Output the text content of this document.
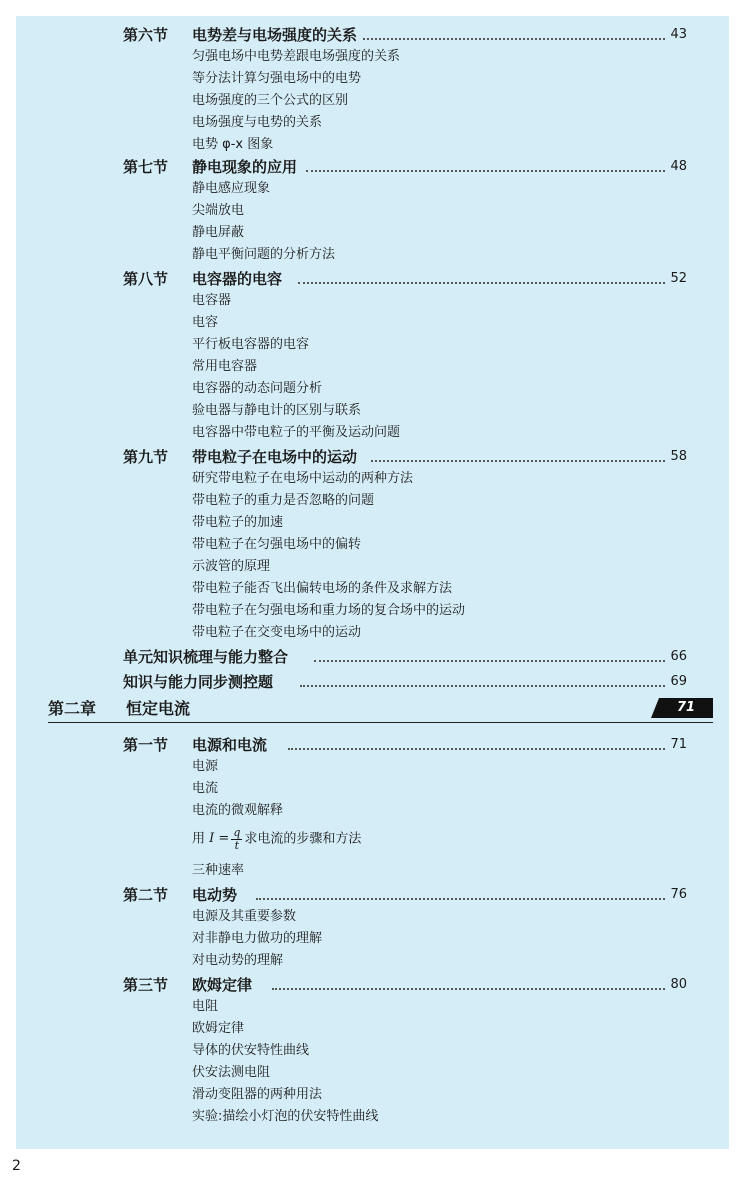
第六节 电势差与电场强度的关系	43
匀强电场中电势差跟电场强度的关系
等分法计算匀强电场中的电势
电场强度的三个公式的区别
电场强度与电势的关系
电势 φ-x 图象
第七节 静电现象的应用	48
静电感应现象
尖端放电
静电屏蔽
静电平衡问题的分析方法
第八节 电容器的电容	52
电容器
电容
平行板电容器的电容
常用电容器
电容器的动态问题分析
验电器与静电计的区别与联系
电容器中带电粒子的平衡及运动问题
第九节 带电粒子在电场中的运动	58
研究带电粒子在电场中运动的两种方法
带电粒子的重力是否忽略的问题
带电粒子的加速
带电粒子在匀强电场中的偏转
示波管的原理
带电粒子能否飞出偏转电场的条件及求解方法
带电粒子在匀强电场和重力场的复合场中的运动
带电粒子在交变电场中的运动
单元知识梳理与能力整合	66
知识与能力同步测控题	69
第二章 恒定电流	71
第一节 电源和电流	71
电源
电流
电流的微观解释
用 $I = \frac{q}{t}$ 求电流的步骤和方法
三种速率
第二节 电动势	76
电源及其重要参数
对非静电力做功的理解
对电动势的理解
第三节 欧姆定律	80
电阻
欧姆定律
导体的伏安特性曲线
伏安法测电阻
滑动变阻器的两种用法
实验:描绘小灯泡的伏安特性曲线
2
